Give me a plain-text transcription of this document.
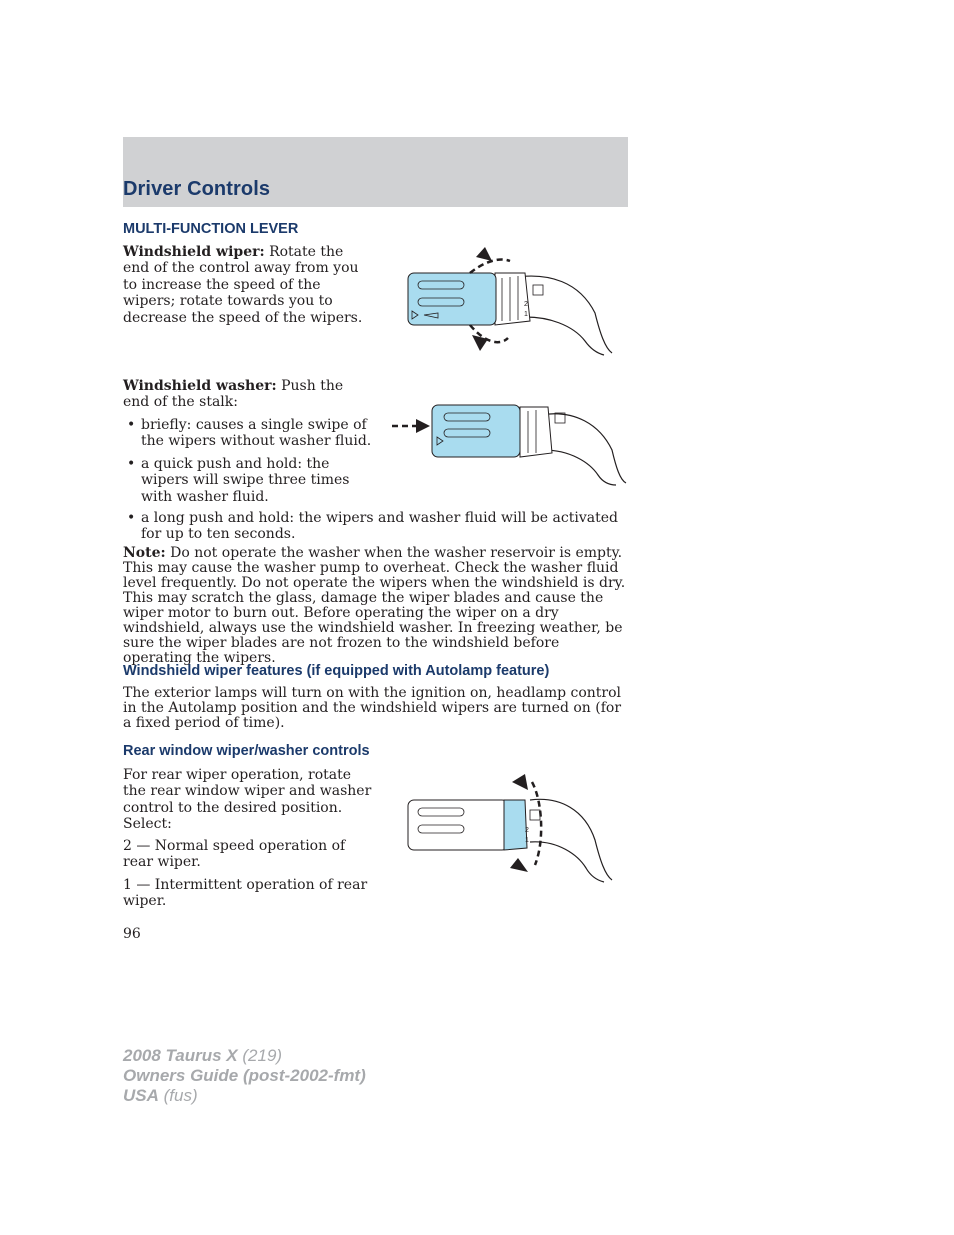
Driver Controls
MULTI-FUNCTION LEVER

Windshield wiper: Rotate the end of the control away from you to increase the speed of the wipers; rotate towards you to decrease the speed of the wipers.

2
1

Windshield washer: Push the end of the stalk:

• briefly: causes a single swipe of the wipers without washer fluid.
• a quick push and hold: the wipers will swipe three times with washer fluid.
• a long push and hold: the wipers and washer fluid will be activated for up to ten seconds.

Note: Do not operate the washer when the washer reservoir is empty. This may cause the washer pump to overheat. Check the washer fluid level frequently. Do not operate the wipers when the windshield is dry. This may scratch the glass, damage the wiper blades and cause the wiper motor to burn out. Before operating the wiper on a dry windshield, always use the windshield washer. In freezing weather, be sure the wiper blades are not frozen to the windshield before operating the wipers.

Windshield wiper features (if equipped with Autolamp feature)

The exterior lamps will turn on with the ignition on, headlamp control in the Autolamp position and the windshield wipers are turned on (for a fixed period of time).

Rear window wiper/washer controls

For rear wiper operation, rotate the rear window wiper and washer control to the desired position. Select:

2 — Normal speed operation of rear wiper.

1 — Intermittent operation of rear wiper.

2
1
96
2008 Taurus X (219)
Owners Guide (post-2002-fmt)
USA (fus)
